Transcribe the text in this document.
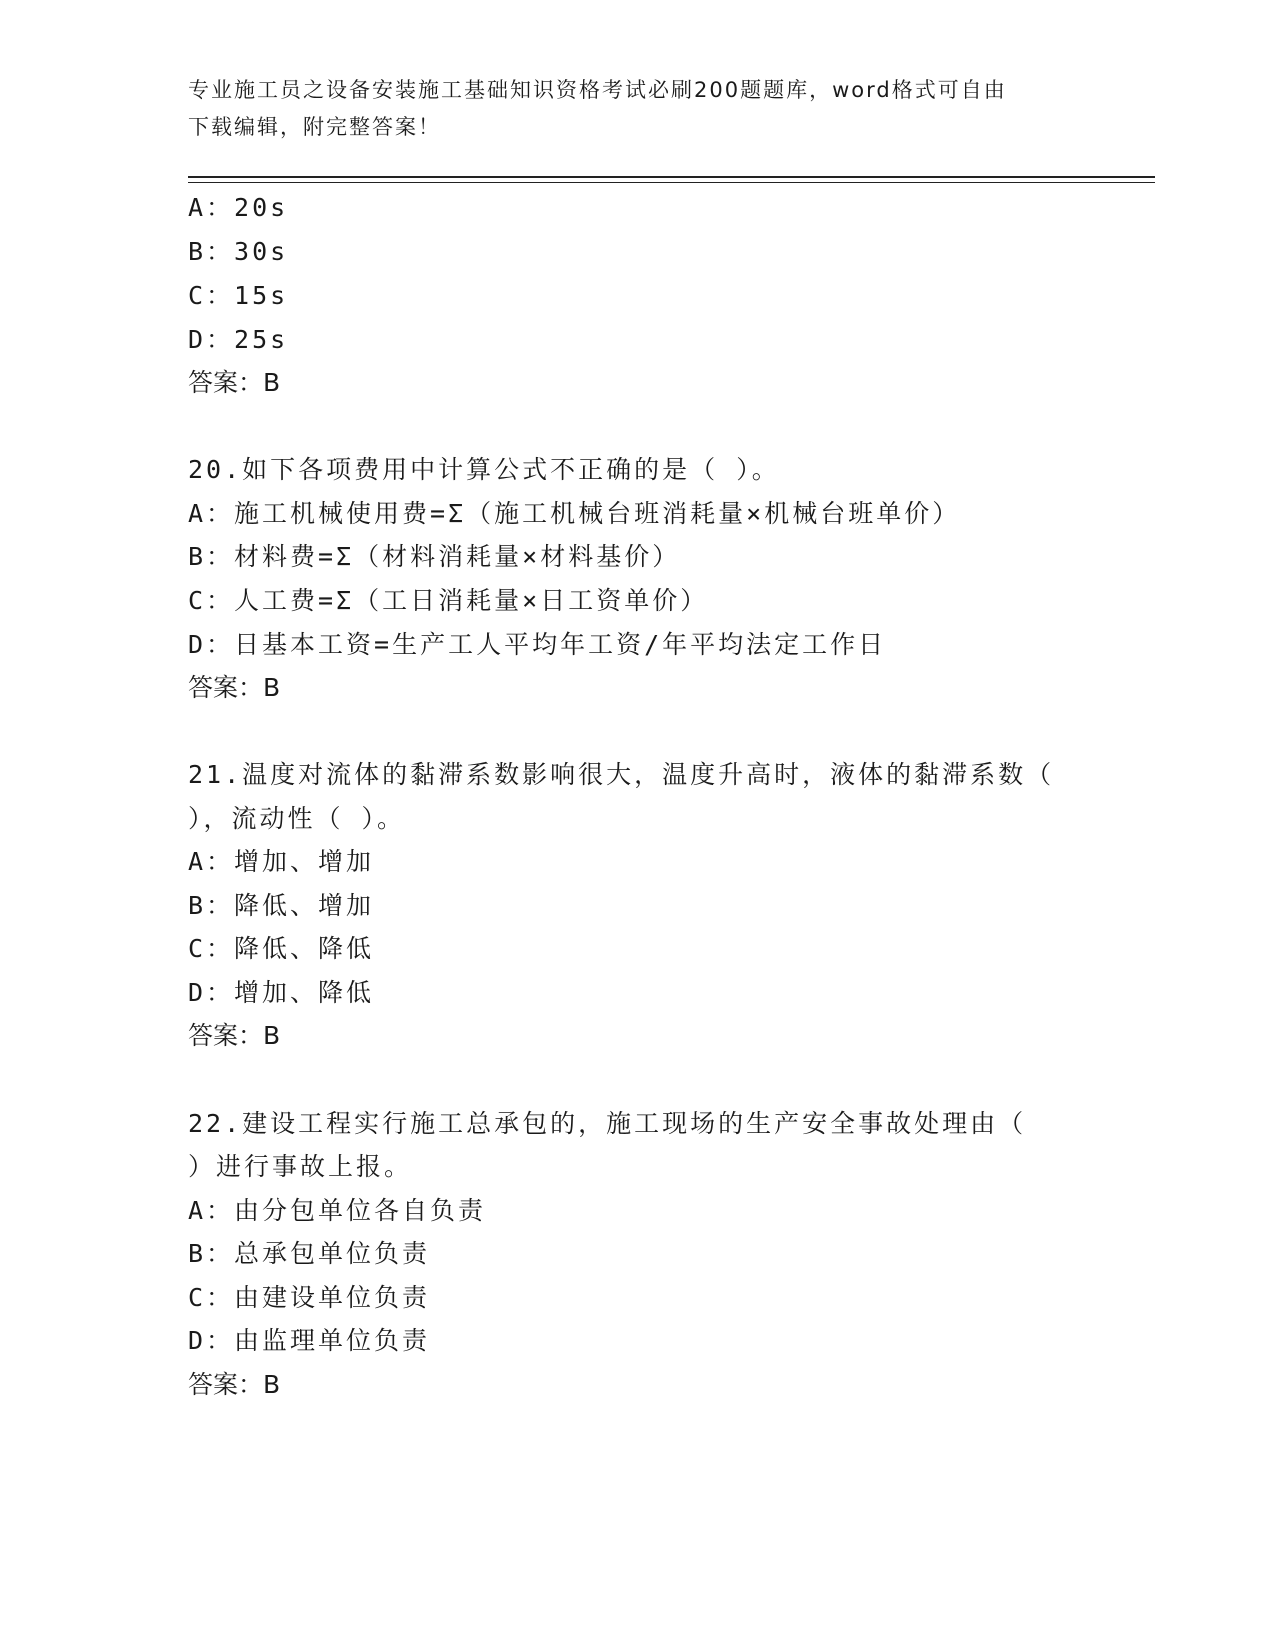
专业施工员之设备安装施工基础知识资格考试必刷200题题库，word格式可自由
下载编辑，附完整答案！
A：20s
B：30s
C：15s
D：25s
答案：B
20.如下各项费用中计算公式不正确的是（ ）。
A：施工机械使用费=Σ（施工机械台班消耗量×机械台班单价）
B：材料费=Σ（材料消耗量×材料基价）
C：人工费=Σ（工日消耗量×日工资单价）
D：日基本工资=生产工人平均年工资/年平均法定工作日
答案：B
21.温度对流体的黏滞系数影响很大，温度升高时，液体的黏滞系数（
），流动性（ ）。
A：增加、增加
B：降低、增加
C：降低、降低
D：增加、降低
答案：B
22.建设工程实行施工总承包的，施工现场的生产安全事故处理由（
）进行事故上报。
A：由分包单位各自负责
B：总承包单位负责
C：由建设单位负责
D：由监理单位负责
答案：B
